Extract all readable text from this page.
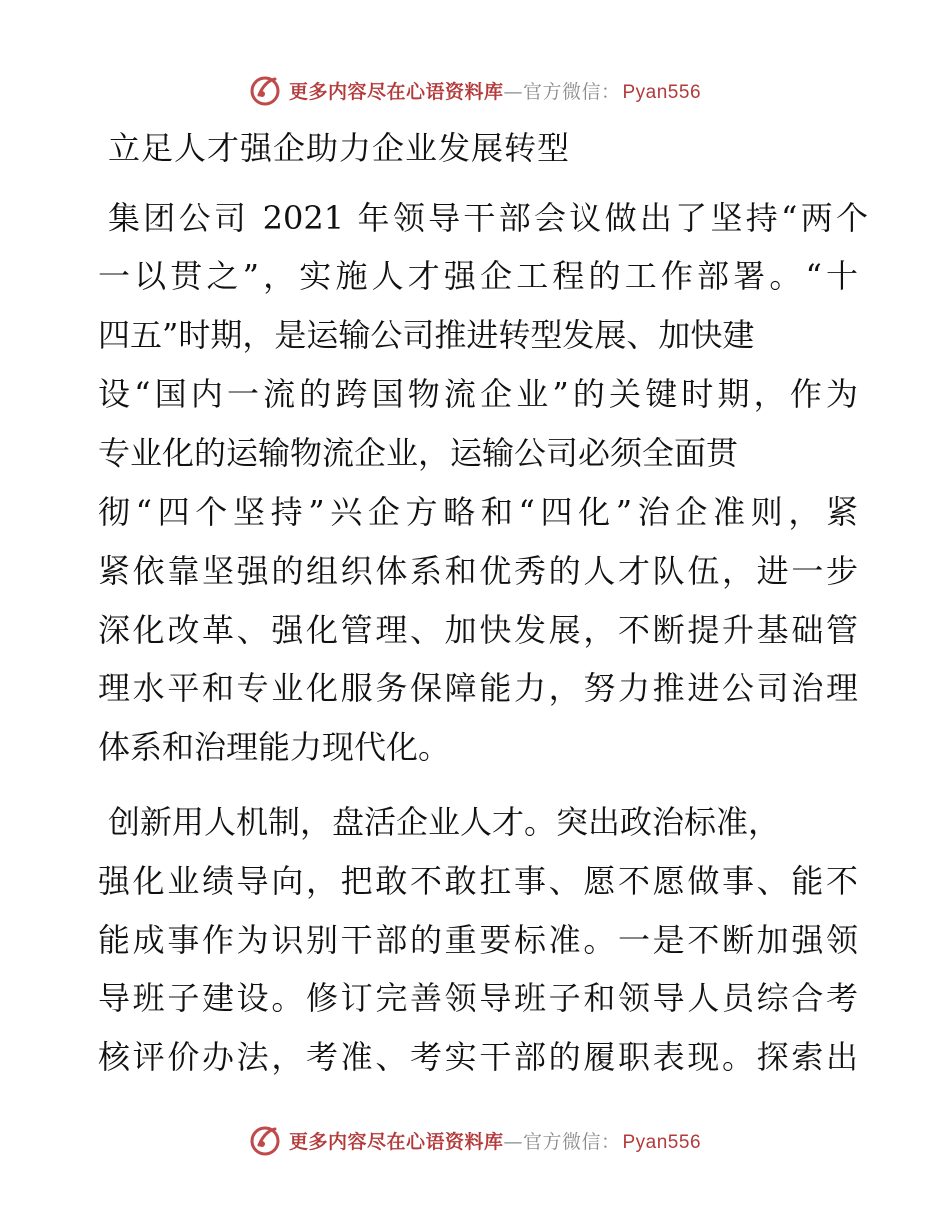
更多内容尽在心语资料库 —官方微信： Pyan556
立足人才强企助力企业发展转型

集团公司 2021 年领导干部会议做出了坚持“两个

一以贯之”，实施人才强企工程的工作部署。“十

四五”时期，是运输公司推进转型发展、加快建

设“国内一流的跨国物流企业”的关键时期，作为

专业化的运输物流企业，运输公司必须全面贯

彻“四个坚持”兴企方略和“四化”治企准则，紧

紧依靠坚强的组织体系和优秀的人才队伍，进一步

深化改革、强化管理、加快发展，不断提升基础管

理水平和专业化服务保障能力，努力推进公司治理

体系和治理能力现代化。

创新用人机制，盘活企业人才。突出政治标准，

强化业绩导向，把敢不敢扛事、愿不愿做事、能不

能成事作为识别干部的重要标准。一是不断加强领

导班子建设。修订完善领导班子和领导人员综合考

核评价办法，考准、考实干部的履职表现。探索出

更多内容尽在心语资料库 —官方微信： Pyan556
